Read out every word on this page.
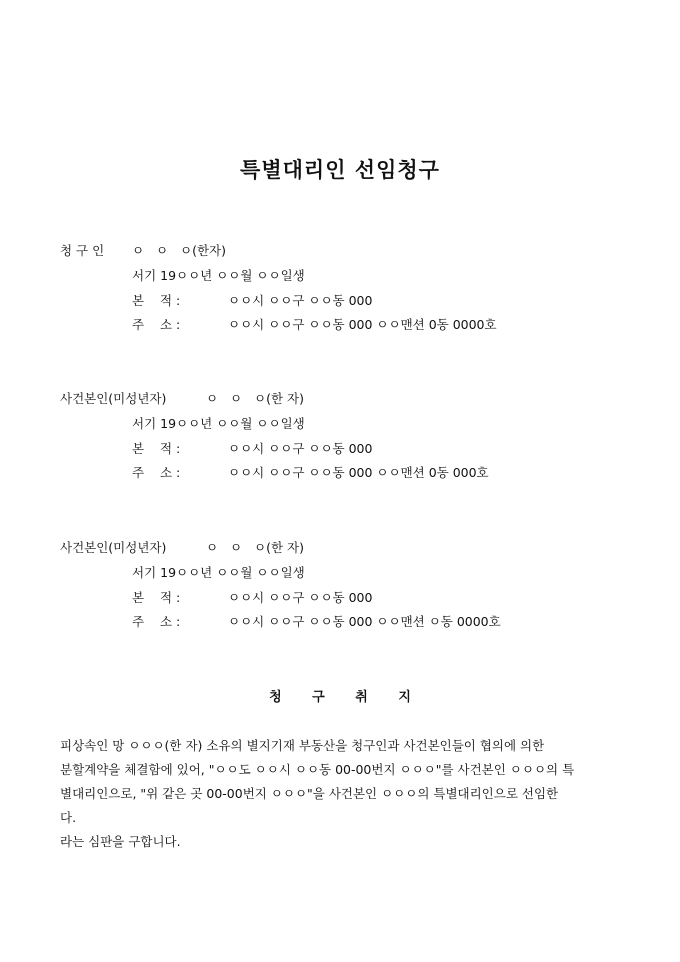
특별대리인 선임청구
청 구 인 ㅇ   ㅇ   ㅇ(한자)
서기 19ㅇㅇ년 ㅇㅇ월 ㅇㅇ일생
본    적 :	ㅇㅇ시 ㅇㅇ구 ㅇㅇ동 000
주    소 :	ㅇㅇ시 ㅇㅇ구 ㅇㅇ동 000 ㅇㅇ맨션 0동 0000호
사건본인(미성년자)	ㅇ   ㅇ   ㅇ(한 자)
서기 19ㅇㅇ년 ㅇㅇ월 ㅇㅇ일생
본    적 :	ㅇㅇ시 ㅇㅇ구 ㅇㅇ동 000
주    소 :	ㅇㅇ시 ㅇㅇ구 ㅇㅇ동 000 ㅇㅇ맨션 0동 000호
사건본인(미성년자)	ㅇ   ㅇ   ㅇ(한 자)
서기 19ㅇㅇ년 ㅇㅇ월 ㅇㅇ일생
본    적 :	ㅇㅇ시 ㅇㅇ구 ㅇㅇ동 000
주    소 :	ㅇㅇ시 ㅇㅇ구 ㅇㅇ동 000 ㅇㅇ맨션 ㅇ동 0000호
청 구 취 지
피상속인 망 ㅇㅇㅇ(한 자) 소유의 별지기재 부동산을 청구인과 사건본인들이 협의에 의한
분할계약을 체결함에 있어, "ㅇㅇ도 ㅇㅇ시 ㅇㅇ동 00-00번지 ㅇㅇㅇ"를 사건본인 ㅇㅇㅇ의 특
별대리인으로, "위 같은 곳 00-00번지 ㅇㅇㅇ"을 사건본인 ㅇㅇㅇ의 특별대리인으로 선임한
다.
라는 심판을 구합니다.
